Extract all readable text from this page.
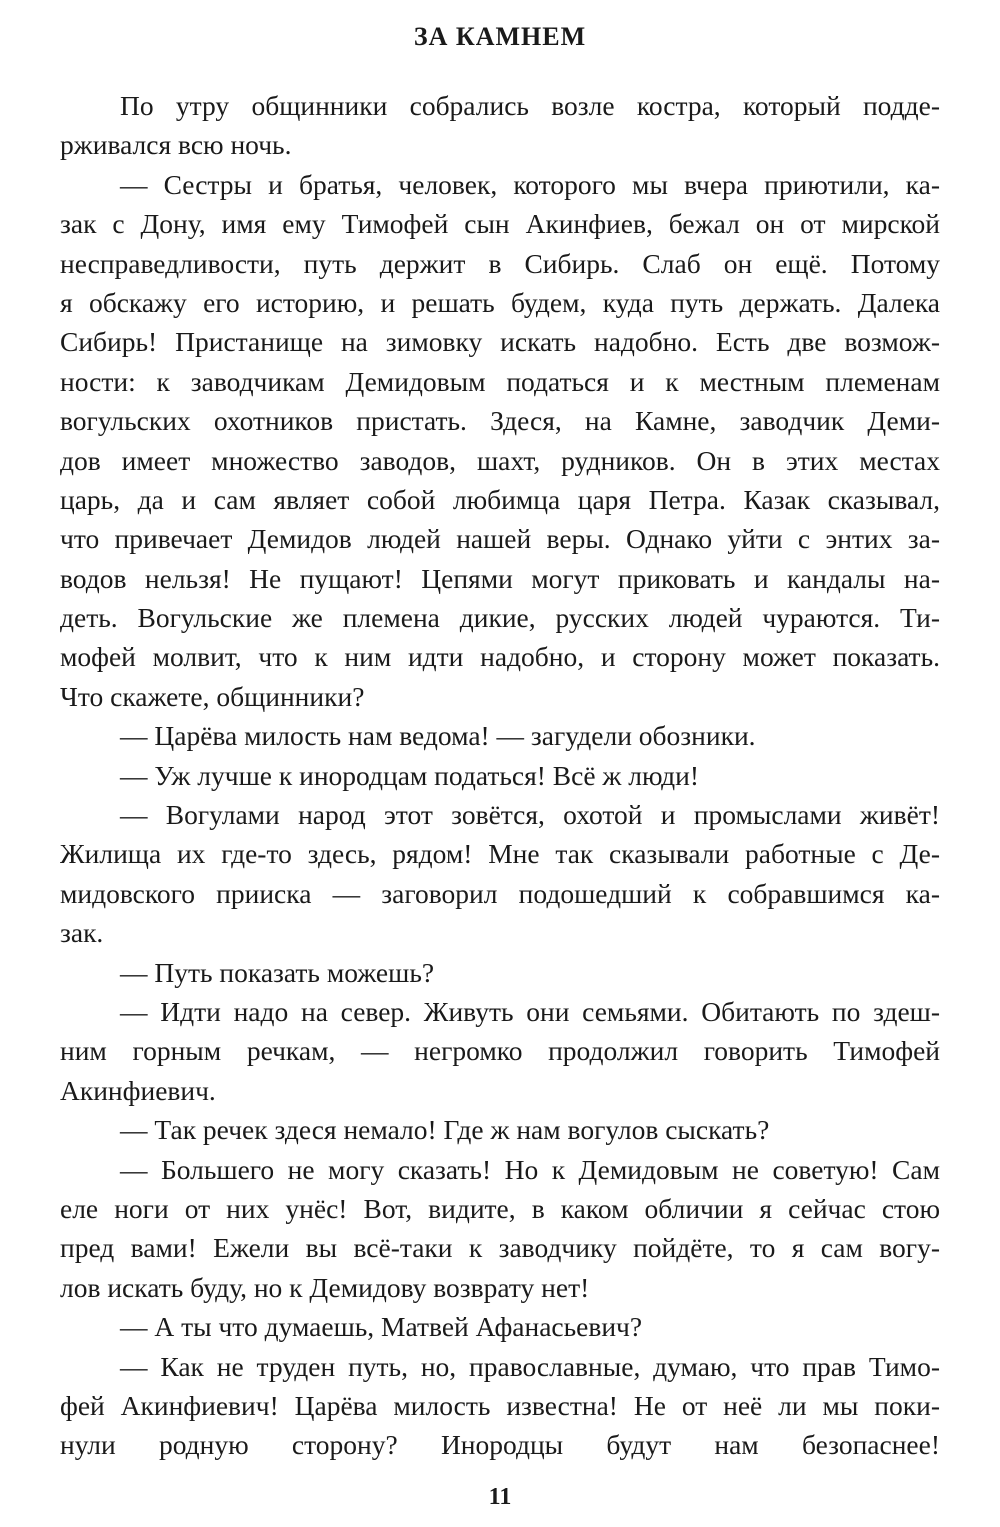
ЗА КАМНЕМ
По утру общинники собрались возле костра, который подде-
рживался всю ночь.
— Сестры и братья, человек, которого мы вчера приютили, ка-
зак с Дону, имя ему Тимофей сын Акинфиев, бежал он от мирской
несправедливости, путь держит в Сибирь. Слаб он ещё. Потому
я обскажу его историю, и решать будем, куда путь держать. Далека
Сибирь! Пристанище на зимовку искать надобно. Есть две возмож-
ности: к заводчикам Демидовым податься и к местным племенам
вогульских охотников пристать. Здеся, на Камне, заводчик Деми-
дов имеет множество заводов, шахт, рудников. Он в этих местах
царь, да и сам являет собой любимца царя Петра. Казак сказывал,
что привечает Демидов людей нашей веры. Однако уйти с энтих за-
водов нельзя! Не пущают! Цепями могут приковать и кандалы на-
деть. Вогульские же племена дикие, русских людей чураются. Ти-
мофей молвит, что к ним идти надобно, и сторону может показать.
Что скажете, общинники?
— Царёва милость нам ведома! — загудели обозники.
— Уж лучше к инородцам податься! Всё ж люди!
— Вогулами народ этот зовётся, охотой и промыслами живёт!
Жилища их где-то здесь, рядом! Мне так сказывали работные с Де-
мидовского прииска — заговорил подошедший к собравшимся ка-
зак.
— Путь показать можешь?
— Идти надо на север. Живуть они семьями. Обитають по здеш-
ним горным речкам, — негромко продолжил говорить Тимофей
Акинфиевич.
— Так речек здеся немало! Где ж нам вогулов сыскать?
— Большего не могу сказать! Но к Демидовым не советую! Сам
еле ноги от них унёс! Вот, видите, в каком обличии я сейчас стою
пред вами! Ежели вы всё-таки к заводчику пойдёте, то я сам вогу-
лов искать буду, но к Демидову возврату нет!
— А ты что думаешь, Матвей Афанасьевич?
— Как не труден путь, но, православные, думаю, что прав Тимо-
фей Акинфиевич! Царёва милость известна! Не от неё ли мы поки-
нули родную сторону? Инородцы будут нам безопаснее!
11
